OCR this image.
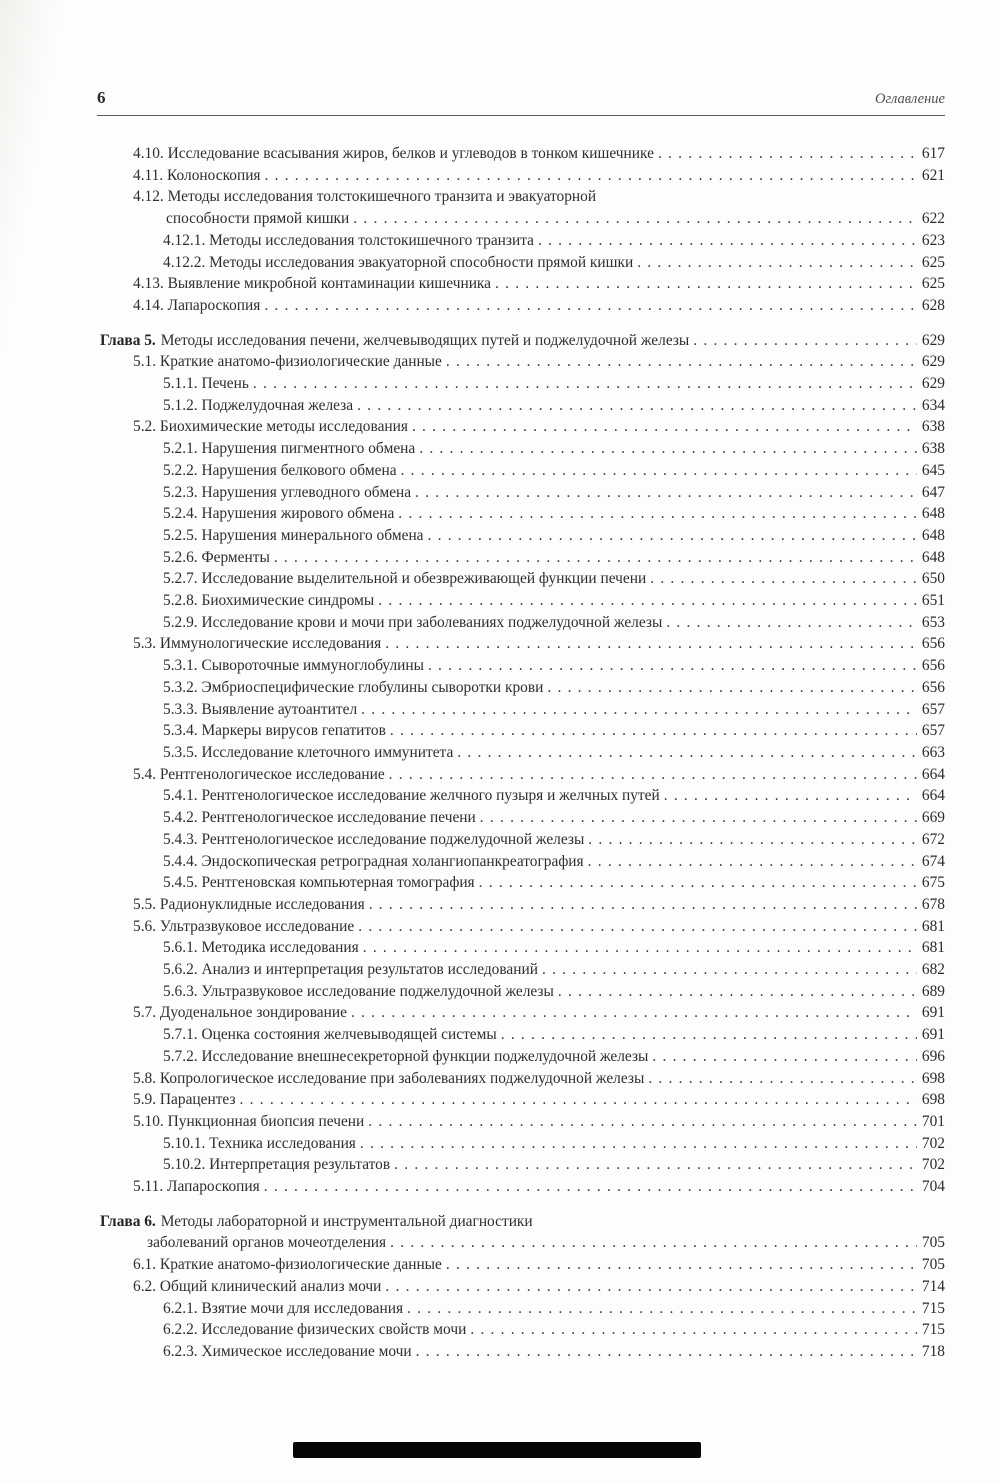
6	Оглавление
4.10. Исследование всасывания жиров, белков и углеводов в тонком кишечнике . . .	617
4.11. Колоноскопия . . .	621
4.12. Методы исследования толстокишечного транзита и эвакуаторной
способности прямой кишки . . .	622
4.12.1. Методы исследования толстокишечного транзита . . .	623
4.12.2. Методы исследования эвакуаторной способности прямой кишки . . .	625
4.13. Выявление микробной контаминации кишечника . . .	625
4.14. Лапароскопия . . .	628
Глава 5. Методы исследования печени, желчевыводящих путей и поджелудочной железы . . .	629
5.1. Краткие анатомо-физиологические данные . . .	629
5.1.1. Печень . . .	629
5.1.2. Поджелудочная железа . . .	634
5.2. Биохимические методы исследования . . .	638
5.2.1. Нарушения пигментного обмена . . .	638
5.2.2. Нарушения белкового обмена . . .	645
5.2.3. Нарушения углеводного обмена . . .	647
5.2.4. Нарушения жирового обмена . . .	648
5.2.5. Нарушения минерального обмена . . .	648
5.2.6. Ферменты . . .	648
5.2.7. Исследование выделительной и обезвреживающей функции печени . . .	650
5.2.8. Биохимические синдромы . . .	651
5.2.9. Исследование крови и мочи при заболеваниях поджелудочной железы . . .	653
5.3. Иммунологические исследования . . .	656
5.3.1. Сывороточные иммуноглобулины . . .	656
5.3.2. Эмбриоспецифические глобулины сыворотки крови . . .	656
5.3.3. Выявление аутоантител . . .	657
5.3.4. Маркеры вирусов гепатитов . . .	657
5.3.5. Исследование клеточного иммунитета . . .	663
5.4. Рентгенологическое исследование . . .	664
5.4.1. Рентгенологическое исследование желчного пузыря и желчных путей . . .	664
5.4.2. Рентгенологическое исследование печени . . .	669
5.4.3. Рентгенологическое исследование поджелудочной железы . . .	672
5.4.4. Эндоскопическая ретроградная холангиопанкреатография . . .	674
5.4.5. Рентгеновская компьютерная томография . . .	675
5.5. Радионуклидные исследования . . .	678
5.6. Ультразвуковое исследование . . .	681
5.6.1. Методика исследования . . .	681
5.6.2. Анализ и интерпретация результатов исследований . . .	682
5.6.3. Ультразвуковое исследование поджелудочной железы . . .	689
5.7. Дуоденальное зондирование . . .	691
5.7.1. Оценка состояния желчевыводящей системы . . .	691
5.7.2. Исследование внешнесекреторной функции поджелудочной железы . . .	696
5.8. Копрологическое исследование при заболеваниях поджелудочной железы . . .	698
5.9. Парацентез . . .	698
5.10. Пункционная биопсия печени . . .	701
5.10.1. Техника исследования . . .	702
5.10.2. Интерпретация результатов . . .	702
5.11. Лапароскопия . . .	704
Глава 6. Методы лабораторной и инструментальной диагностики
заболеваний органов мочеотделения . . .	705
6.1. Краткие анатомо-физиологические данные . . .	705
6.2. Общий клинический анализ мочи . . .	714
6.2.1. Взятие мочи для исследования . . .	715
6.2.2. Исследование физических свойств мочи . . .	715
6.2.3. Химическое исследование мочи . . .	718
